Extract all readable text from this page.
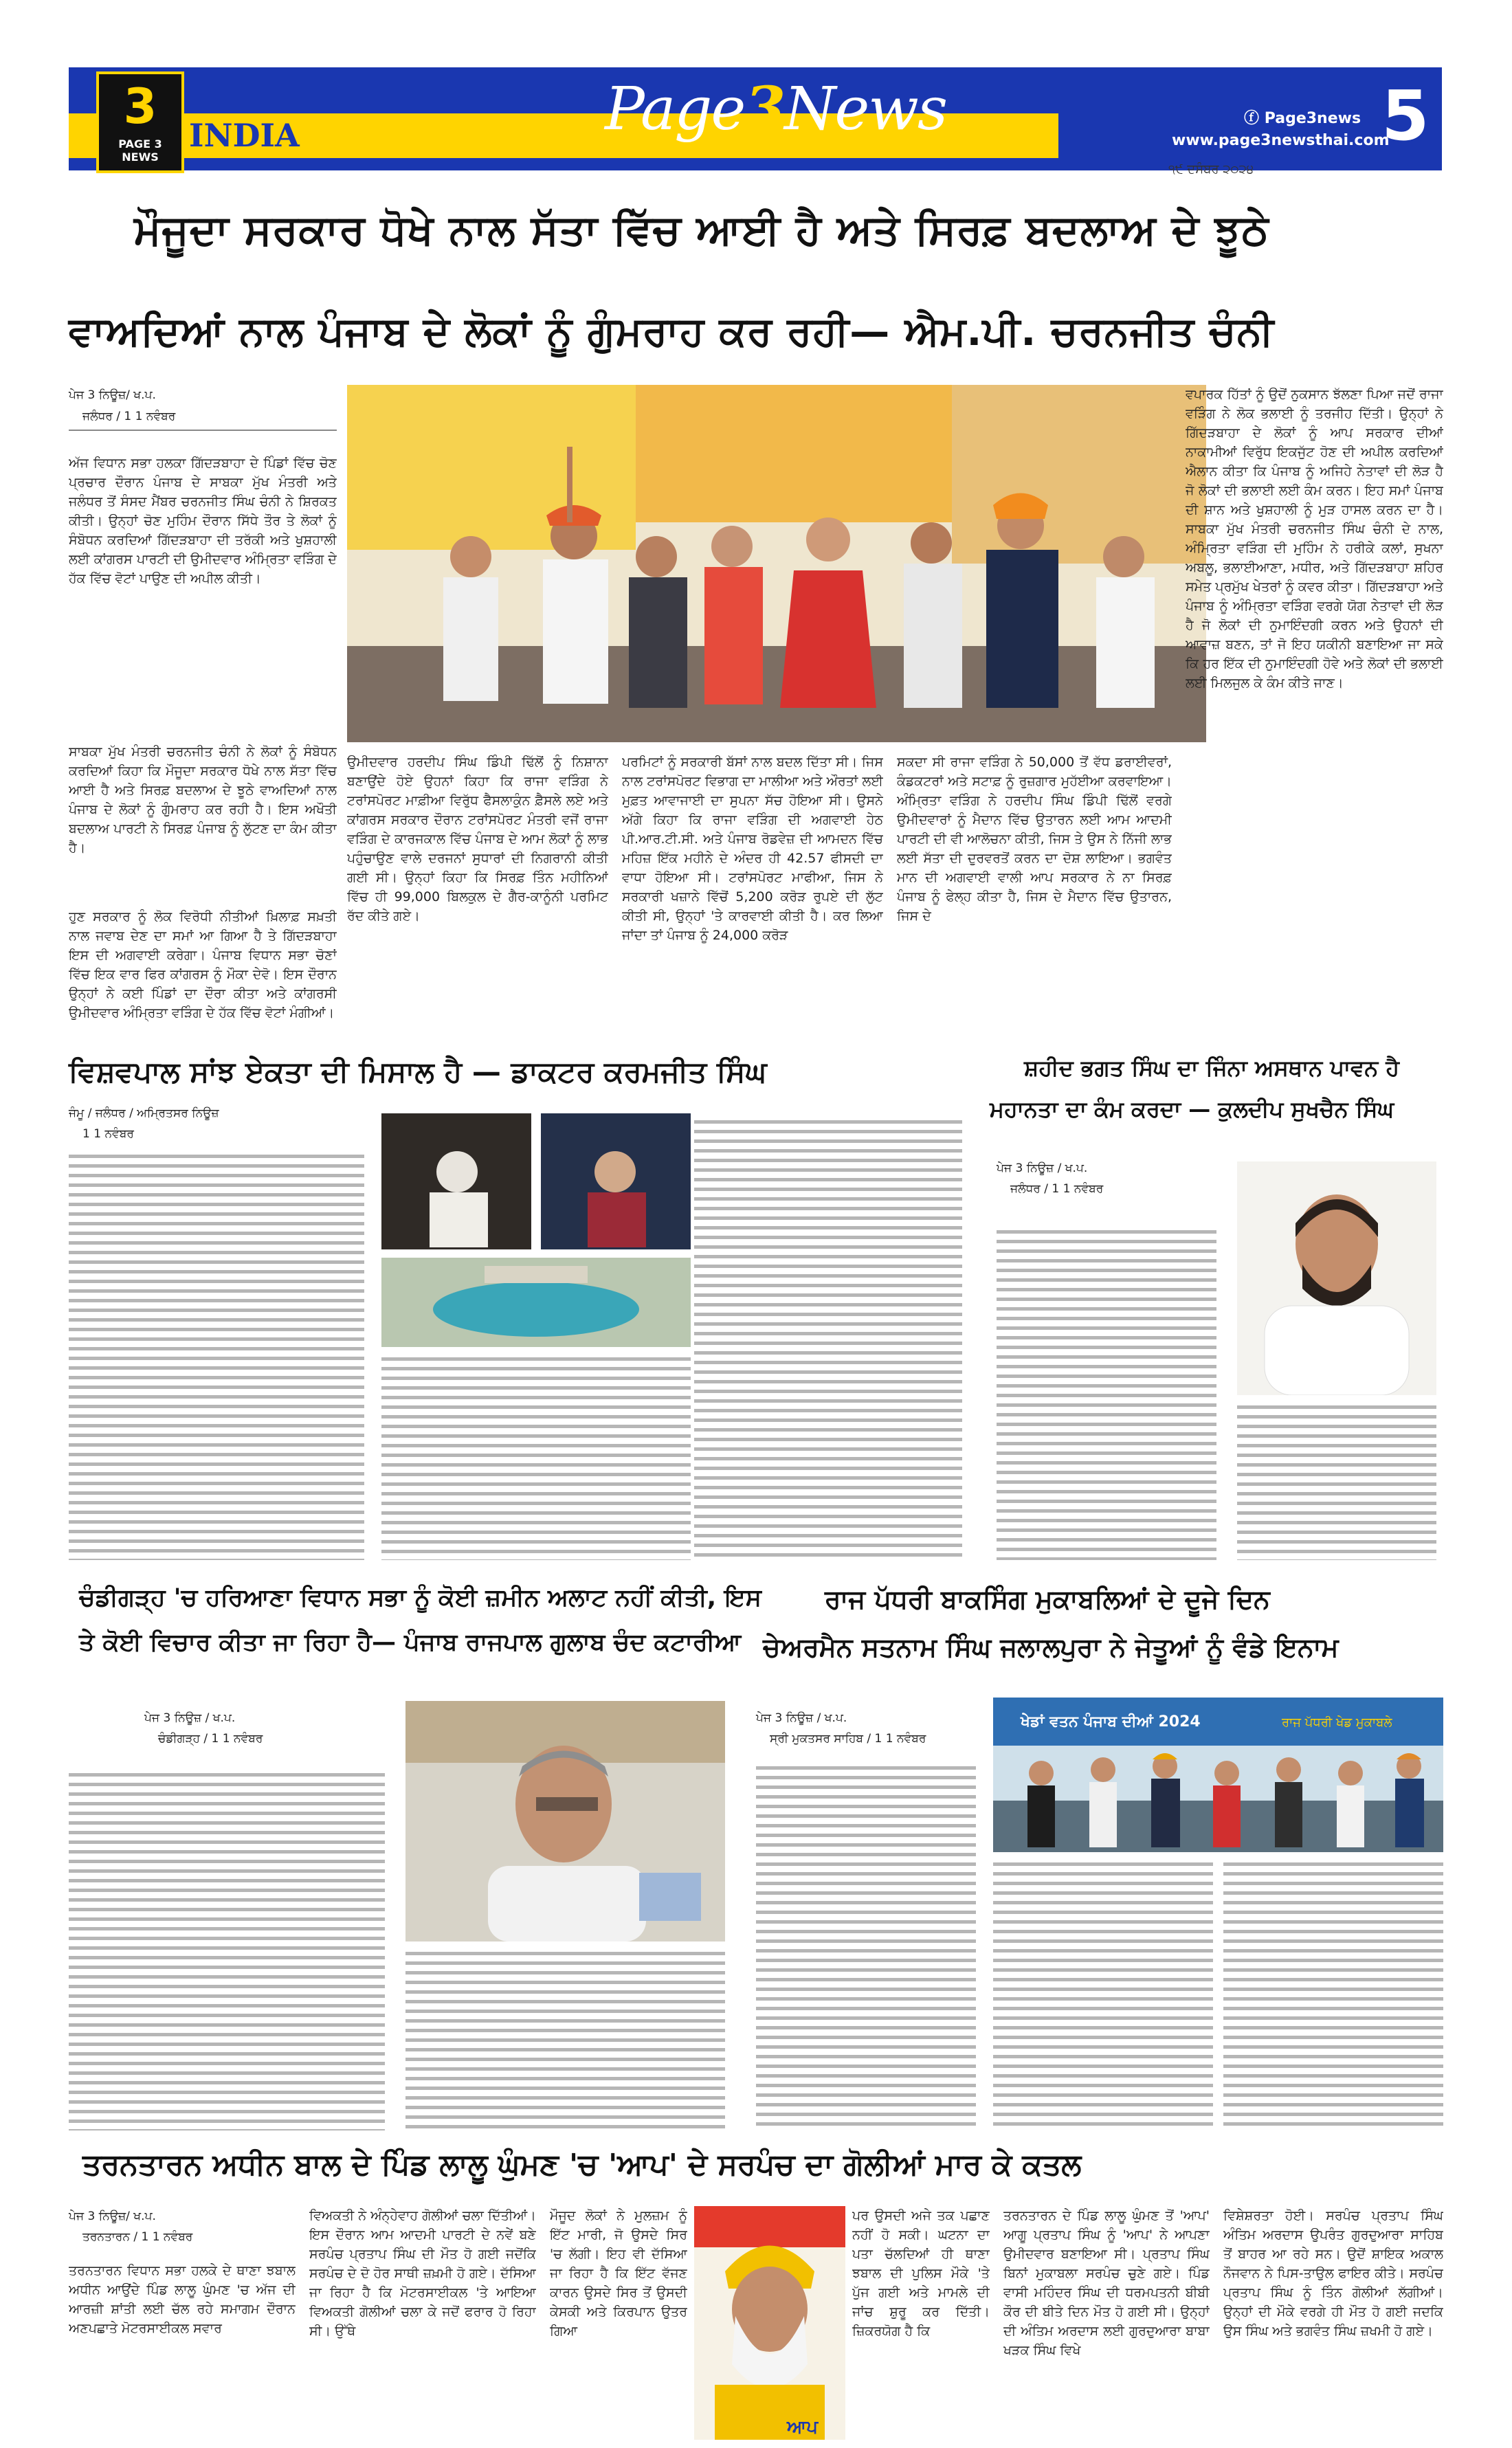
3
PAGE 3 NEWS
INDIA	Page3News	ⓕ Page3news
www.page3newsthai.com
5
੧੯ ਦਸੰਬਰ ੨੦੨੪
ਮੌਜੂਦਾ ਸਰਕਾਰ ਧੋਖੇ ਨਾਲ ਸੱਤਾ ਵਿੱਚ ਆਈ ਹੈ ਅਤੇ ਸਿਰਫ਼ ਬਦਲਾਅ ਦੇ ਝੂਠੇ
ਵਾਅਦਿਆਂ ਨਾਲ ਪੰਜਾਬ ਦੇ ਲੋਕਾਂ ਨੂੰ ਗੁੰਮਰਾਹ ਕਰ ਰਹੀ— ਐਮ.ਪੀ. ਚਰਨਜੀਤ ਚੰਨੀ
ਪੇਜ 3 ਨਿਊਜ਼/ ਖ.ਪ.
ਜਲੰਧਰ / 1 1 ਨਵੰਬਰ
ਅੱਜ ਵਿਧਾਨ ਸਭਾ ਹਲਕਾ ਗਿੱਦੜਬਾਹਾ ਦੇ ਪਿੰਡਾਂ ਵਿੱਚ ਚੋਣ ਪ੍ਰਚਾਰ ਦੌਰਾਨ ਪੰਜਾਬ ਦੇ ਸਾਬਕਾ ਮੁੱਖ ਮੰਤਰੀ ਅਤੇ ਜਲੰਧਰ ਤੋਂ ਸੰਸਦ ਮੈਂਬਰ ਚਰਨਜੀਤ ਸਿੰਘ ਚੰਨੀ ਨੇ ਸ਼ਿਰਕਤ ਕੀਤੀ। ਉਨ੍ਹਾਂ ਚੋਣ ਮੁਹਿੰਮ ਦੌਰਾਨ ਸਿੱਧੇ ਤੌਰ ਤੇ ਲੋਕਾਂ ਨੂੰ ਸੰਬੋਧਨ ਕਰਦਿਆਂ ਗਿੱਦੜਬਾਹਾ ਦੀ ਤਰੱਕੀ ਅਤੇ ਖੁਸ਼ਹਾਲੀ ਲਈ ਕਾਂਗਰਸ ਪਾਰਟੀ ਦੀ ਉਮੀਦਵਾਰ ਅੰਮ੍ਰਿਤਾ ਵੜਿੰਗ ਦੇ ਹੱਕ ਵਿੱਚ ਵੋਟਾਂ ਪਾਉਣ ਦੀ ਅਪੀਲ ਕੀਤੀ।
ਸਾਬਕਾ ਮੁੱਖ ਮੰਤਰੀ ਚਰਨਜੀਤ ਚੰਨੀ ਨੇ ਲੋਕਾਂ ਨੂੰ ਸੰਬੋਧਨ ਕਰਦਿਆਂ ਕਿਹਾ ਕਿ ਮੌਜੂਦਾ ਸਰਕਾਰ ਧੋਖੇ ਨਾਲ ਸੱਤਾ ਵਿੱਚ ਆਈ ਹੈ ਅਤੇ ਸਿਰਫ਼ ਬਦਲਾਅ ਦੇ ਝੂਠੇ ਵਾਅਦਿਆਂ ਨਾਲ ਪੰਜਾਬ ਦੇ ਲੋਕਾਂ ਨੂੰ ਗੁੰਮਰਾਹ ਕਰ ਰਹੀ ਹੈ। ਇਸ ਅਖੌਤੀ ਬਦਲਾਅ ਪਾਰਟੀ ਨੇ ਸਿਰਫ਼ ਪੰਜਾਬ ਨੂੰ ਲੁੱਟਣ ਦਾ ਕੰਮ ਕੀਤਾ ਹੈ।
ਹੁਣ ਸਰਕਾਰ ਨੂੰ ਲੋਕ ਵਿਰੋਧੀ ਨੀਤੀਆਂ ਖ਼ਿਲਾਫ਼ ਸਖ਼ਤੀ ਨਾਲ ਜਵਾਬ ਦੇਣ ਦਾ ਸਮਾਂ ਆ ਗਿਆ ਹੈ ਤੇ ਗਿੱਦੜਬਾਹਾ ਇਸ ਦੀ ਅਗਵਾਈ ਕਰੇਗਾ। ਪੰਜਾਬ ਵਿਧਾਨ ਸਭਾ ਚੋਣਾਂ ਵਿੱਚ ਇਕ ਵਾਰ ਫਿਰ ਕਾਂਗਰਸ ਨੂੰ ਮੌਕਾ ਦੇਵੋ। ਇਸ ਦੌਰਾਨ ਉਨ੍ਹਾਂ ਨੇ ਕਈ ਪਿੰਡਾਂ ਦਾ ਦੌਰਾ ਕੀਤਾ ਅਤੇ ਕਾਂਗਰਸੀ ਉਮੀਦਵਾਰ ਅੰਮ੍ਰਿਤਾ ਵੜਿੰਗ ਦੇ ਹੱਕ ਵਿੱਚ ਵੋਟਾਂ ਮੰਗੀਆਂ।
ਉਮੀਦਵਾਰ ਹਰਦੀਪ ਸਿੰਘ ਡਿੰਪੀ ਢਿੱਲੋਂ ਨੂੰ ਨਿਸ਼ਾਨਾ ਬਣਾਉਂਦੇ ਹੋਏ ਉਹਨਾਂ ਕਿਹਾ ਕਿ ਰਾਜਾ ਵੜਿੰਗ ਨੇ ਟਰਾਂਸਪੋਰਟ ਮਾਫ਼ੀਆ ਵਿਰੁੱਧ ਫੈਸਲਾਕੁੰਨ ਫ਼ੈਸਲੇ ਲਏ ਅਤੇ ਕਾਂਗਰਸ ਸਰਕਾਰ ਦੌਰਾਨ ਟਰਾਂਸਪੋਰਟ ਮੰਤਰੀ ਵਜੋਂ ਰਾਜਾ ਵੜਿੰਗ ਦੇ ਕਾਰਜਕਾਲ ਵਿੱਚ ਪੰਜਾਬ ਦੇ ਆਮ ਲੋਕਾਂ ਨੂੰ ਲਾਭ ਪਹੁੰਚਾਉਣ ਵਾਲੇ ਦਰਜਨਾਂ ਸੁਧਾਰਾਂ ਦੀ ਨਿਗਰਾਨੀ ਕੀਤੀ ਗਈ ਸੀ। ਉਨ੍ਹਾਂ ਕਿਹਾ ਕਿ ਸਿਰਫ਼ ਤਿੰਨ ਮਹੀਨਿਆਂ ਵਿੱਚ ਹੀ 99,000 ਬਿਲਕੁਲ ਦੇ ਗੈਰ-ਕਾਨੂੰਨੀ ਪਰਮਿਟ ਰੱਦ ਕੀਤੇ ਗਏ।
ਪਰਮਿਟਾਂ ਨੂੰ ਸਰਕਾਰੀ ਬੱਸਾਂ ਨਾਲ ਬਦਲ ਦਿੱਤਾ ਸੀ। ਜਿਸ ਨਾਲ ਟਰਾਂਸਪੋਰਟ ਵਿਭਾਗ ਦਾ ਮਾਲੀਆ ਅਤੇ ਔਰਤਾਂ ਲਈ ਮੁਫ਼ਤ ਆਵਾਜਾਈ ਦਾ ਸੁਪਨਾ ਸੱਚ ਹੋਇਆ ਸੀ। ਉਸਨੇ ਅੱਗੇ ਕਿਹਾ ਕਿ ਰਾਜਾ ਵੜਿੰਗ ਦੀ ਅਗਵਾਈ ਹੇਠ ਪੀ.ਆਰ.ਟੀ.ਸੀ. ਅਤੇ ਪੰਜਾਬ ਰੋਡਵੇਜ਼ ਦੀ ਆਮਦਨ ਵਿੱਚ ਮਹਿਜ਼ ਇੱਕ ਮਹੀਨੇ ਦੇ ਅੰਦਰ ਹੀ 42.57 ਫੀਸਦੀ ਦਾ ਵਾਧਾ ਹੋਇਆ ਸੀ। ਟਰਾਂਸਪੋਰਟ ਮਾਫੀਆ, ਜਿਸ ਨੇ ਸਰਕਾਰੀ ਖਜ਼ਾਨੇ ਵਿੱਚੋਂ 5,200 ਕਰੋੜ ਰੁਪਏ ਦੀ ਲੁੱਟ ਕੀਤੀ ਸੀ, ਉਨ੍ਹਾਂ 'ਤੇ ਕਾਰਵਾਈ ਕੀਤੀ ਹੈ। ਕਰ ਲਿਆ ਜਾਂਦਾ ਤਾਂ ਪੰਜਾਬ ਨੂੰ 24,000 ਕਰੋੜ
ਸਕਦਾ ਸੀ ਰਾਜਾ ਵੜਿੰਗ ਨੇ 50,000 ਤੋਂ ਵੱਧ ਡਰਾਈਵਰਾਂ, ਕੰਡਕਟਰਾਂ ਅਤੇ ਸਟਾਫ਼ ਨੂੰ ਰੁਜ਼ਗਾਰ ਮੁਹੱਈਆ ਕਰਵਾਇਆ। ਅੰਮ੍ਰਿਤਾ ਵੜਿੰਗ ਨੇ ਹਰਦੀਪ ਸਿੰਘ ਡਿੰਪੀ ਢਿੱਲੋਂ ਵਰਗੇ ਉਮੀਦਵਾਰਾਂ ਨੂੰ ਮੈਦਾਨ ਵਿੱਚ ਉਤਾਰਨ ਲਈ ਆਮ ਆਦਮੀ ਪਾਰਟੀ ਦੀ ਵੀ ਆਲੋਚਨਾ ਕੀਤੀ, ਜਿਸ ਤੇ ਉਸ ਨੇ ਨਿੱਜੀ ਲਾਭ ਲਈ ਸੱਤਾ ਦੀ ਦੁਰਵਰਤੋਂ ਕਰਨ ਦਾ ਦੋਸ਼ ਲਾਇਆ। ਭਗਵੰਤ ਮਾਨ ਦੀ ਅਗਵਾਈ ਵਾਲੀ ਆਪ ਸਰਕਾਰ ਨੇ ਨਾ ਸਿਰਫ਼ ਪੰਜਾਬ ਨੂੰ ਫੇਲ੍ਹ ਕੀਤਾ ਹੈ, ਜਿਸ ਦੇ ਮੈਦਾਨ ਵਿੱਚ ਉਤਾਰਨ, ਜਿਸ ਦੇ
ਵਪਾਰਕ ਹਿੱਤਾਂ ਨੂੰ ਉਦੋਂ ਨੁਕਸਾਨ ਝੱਲਣਾ ਪਿਆ ਜਦੋਂ ਰਾਜਾ ਵੜਿੰਗ ਨੇ ਲੋਕ ਭਲਾਈ ਨੂੰ ਤਰਜੀਹ ਦਿੱਤੀ। ਉਨ੍ਹਾਂ ਨੇ ਗਿੱਦੜਬਾਹਾ ਦੇ ਲੋਕਾਂ ਨੂੰ ਆਪ ਸਰਕਾਰ ਦੀਆਂ ਨਾਕਾਮੀਆਂ ਵਿਰੁੱਧ ਇਕਜੁੱਟ ਹੋਣ ਦੀ ਅਪੀਲ ਕਰਦਿਆਂ ਐਲਾਨ ਕੀਤਾ ਕਿ ਪੰਜਾਬ ਨੂੰ ਅਜਿਹੇ ਨੇਤਾਵਾਂ ਦੀ ਲੋੜ ਹੈ ਜੋ ਲੋਕਾਂ ਦੀ ਭਲਾਈ ਲਈ ਕੰਮ ਕਰਨ। ਇਹ ਸਮਾਂ ਪੰਜਾਬ ਦੀ ਸ਼ਾਨ ਅਤੇ ਖੁਸ਼ਹਾਲੀ ਨੂੰ ਮੁੜ ਹਾਸਲ ਕਰਨ ਦਾ ਹੈ। ਸਾਬਕਾ ਮੁੱਖ ਮੰਤਰੀ ਚਰਨਜੀਤ ਸਿੰਘ ਚੰਨੀ ਦੇ ਨਾਲ, ਅੰਮ੍ਰਿਤਾ ਵੜਿੰਗ ਦੀ ਮੁਹਿੰਮ ਨੇ ਹਰੀਕੇ ਕਲਾਂ, ਸੁਖਨਾ ਅਬਲੂ, ਭਲਾਈਆਣਾ, ਮਧੀਰ, ਅਤੇ ਗਿੱਦੜਬਾਹਾ ਸ਼ਹਿਰ ਸਮੇਤ ਪ੍ਰਮੁੱਖ ਖੇਤਰਾਂ ਨੂੰ ਕਵਰ ਕੀਤਾ। ਗਿੱਦੜਬਾਹਾ ਅਤੇ ਪੰਜਾਬ ਨੂੰ ਅੰਮ੍ਰਿਤਾ ਵੜਿੰਗ ਵਰਗੇ ਯੋਗ ਨੇਤਾਵਾਂ ਦੀ ਲੋੜ ਹੈ ਜੋ ਲੋਕਾਂ ਦੀ ਨੁਮਾਇੰਦਗੀ ਕਰਨ ਅਤੇ ਉਹਨਾਂ ਦੀ ਆਵਾਜ਼ ਬਣਨ, ਤਾਂ ਜੋ ਇਹ ਯਕੀਨੀ ਬਣਾਇਆ ਜਾ ਸਕੇ ਕਿ ਹਰ ਇੱਕ ਦੀ ਨੁਮਾਇੰਦਗੀ ਹੋਵੇ ਅਤੇ ਲੋਕਾਂ ਦੀ ਭਲਾਈ ਲਈ ਮਿਲਜੁਲ ਕੇ ਕੰਮ ਕੀਤੇ ਜਾਣ।
ਵਿਸ਼ਵਪਾਲ ਸਾਂਝ ਏਕਤਾ ਦੀ ਮਿਸਾਲ ਹੈ — ਡਾਕਟਰ ਕਰਮਜੀਤ ਸਿੰਘ
ਜੰਮੂ / ਜਲੰਧਰ / ਅਮ੍ਰਿਤਸਰ ਨਿਊਜ਼
1 1 ਨਵੰਬਰ
ਸ਼ਹੀਦ ਭਗਤ ਸਿੰਘ ਦਾ ਜਿੰਨਾ ਅਸਥਾਨ ਪਾਵਨ ਹੈ
ਮਹਾਨਤਾ ਦਾ ਕੰਮ ਕਰਦਾ — ਕੁਲਦੀਪ ਸੁਖਚੈਨ ਸਿੰਘ
ਪੇਜ 3 ਨਿਊਜ਼ / ਖ.ਪ.
ਜਲੰਧਰ / 1 1 ਨਵੰਬਰ
ਚੰਡੀਗੜ੍ਹ 'ਚ ਹਰਿਆਣਾ ਵਿਧਾਨ ਸਭਾ ਨੂੰ ਕੋਈ ਜ਼ਮੀਨ ਅਲਾਟ ਨਹੀਂ ਕੀਤੀ, ਇਸ
ਤੇ ਕੋਈ ਵਿਚਾਰ ਕੀਤਾ ਜਾ ਰਿਹਾ ਹੈ— ਪੰਜਾਬ ਰਾਜਪਾਲ ਗੁਲਾਬ ਚੰਦ ਕਟਾਰੀਆ
ਪੇਜ 3 ਨਿਊਜ਼ / ਖ.ਪ.
ਚੰਡੀਗੜ੍ਹ / 1 1 ਨਵੰਬਰ
ਰਾਜ ਪੱਧਰੀ ਬਾਕਸਿੰਗ ਮੁਕਾਬਲਿਆਂ ਦੇ ਦੂਜੇ ਦਿਨ
ਚੇਅਰਮੈਨ ਸਤਨਾਮ ਸਿੰਘ ਜਲਾਲਪੁਰਾ ਨੇ ਜੇਤੂਆਂ ਨੂੰ ਵੰਡੇ ਇਨਾਮ
ਪੇਜ 3 ਨਿਊਜ਼ / ਖ.ਪ.
ਸ੍ਰੀ ਮੁਕਤਸਰ ਸਾਹਿਬ / 1 1 ਨਵੰਬਰ
ਖੇਡਾਂ ਵਤਨ ਪੰਜਾਬ ਦੀਆਂ 2024	ਰਾਜ ਪੱਧਰੀ ਖੇਡ ਮੁਕਾਬਲੇ
ਤਰਨਤਾਰਨ ਅਧੀਨ ਬਾਲ ਦੇ ਪਿੰਡ ਲਾਲੂ ਘੁੰਮਣ 'ਚ 'ਆਪ' ਦੇ ਸਰਪੰਚ ਦਾ ਗੋਲੀਆਂ ਮਾਰ ਕੇ ਕਤਲ
ਪੇਜ 3 ਨਿਊਜ਼/ ਖ.ਪ.
ਤਰਨਤਾਰਨ / 1 1 ਨਵੰਬਰ
ਤਰਨਤਾਰਨ ਵਿਧਾਨ ਸਭਾ ਹਲਕੇ ਦੇ ਥਾਣਾ ਝਬਾਲ ਅਧੀਨ ਆਉਂਦੇ ਪਿੰਡ ਲਾਲੂ ਘੁੰਮਣ 'ਚ ਅੱਜ ਦੀ ਆਰਜ਼ੀ ਸ਼ਾਂਤੀ ਲਈ ਚੱਲ ਰਹੇ ਸਮਾਗਮ ਦੌਰਾਨ ਅਣਪਛਾਤੇ ਮੋਟਰਸਾਈਕਲ ਸਵਾਰ
ਵਿਅਕਤੀ ਨੇ ਅੰਨ੍ਹੇਵਾਹ ਗੋਲੀਆਂ ਚਲਾ ਦਿੱਤੀਆਂ। ਇਸ ਦੌਰਾਨ ਆਮ ਆਦਮੀ ਪਾਰਟੀ ਦੇ ਨਵੇਂ ਬਣੇ ਸਰਪੰਚ ਪ੍ਰਤਾਪ ਸਿੰਘ ਦੀ ਮੌਤ ਹੋ ਗਈ ਜਦੋਂਕਿ ਸਰਪੰਚ ਦੇ ਦੋ ਹੋਰ ਸਾਥੀ ਜ਼ਖ਼ਮੀ ਹੋ ਗਏ। ਦੱਸਿਆ ਜਾ ਰਿਹਾ ਹੈ ਕਿ ਮੋਟਰਸਾਈਕਲ 'ਤੇ ਆਇਆ ਵਿਅਕਤੀ ਗੋਲੀਆਂ ਚਲਾ ਕੇ ਜਦੋਂ ਫਰਾਰ ਹੋ ਰਿਹਾ ਸੀ। ਉੱਥੇ
ਮੌਜੂਦ ਲੋਕਾਂ ਨੇ ਮੁਲਜ਼ਮ ਨੂੰ ਇੱਟ ਮਾਰੀ, ਜੋ ਉਸਦੇ ਸਿਰ 'ਚ ਲੱਗੀ। ਇਹ ਵੀ ਦੱਸਿਆ ਜਾ ਰਿਹਾ ਹੈ ਕਿ ਇੱਟ ਵੱਜਣ ਕਾਰਨ ਉਸਦੇ ਸਿਰ ਤੋਂ ਉਸਦੀ ਕੇਸਕੀ ਅਤੇ ਕਿਰਪਾਨ ਉਤਰ ਗਿਆ
ਆਪ
ਪਰ ਉਸਦੀ ਅਜੇ ਤਕ ਪਛਾਣ ਨਹੀਂ ਹੋ ਸਕੀ। ਘਟਨਾ ਦਾ ਪਤਾ ਚੱਲਦਿਆਂ ਹੀ ਥਾਣਾ ਝਬਾਲ ਦੀ ਪੁਲਿਸ ਮੌਕੇ 'ਤੇ ਪੁੱਜ ਗਈ ਅਤੇ ਮਾਮਲੇ ਦੀ ਜਾਂਚ ਸ਼ੁਰੂ ਕਰ ਦਿੱਤੀ। ਜ਼ਿਕਰਯੋਗ ਹੈ ਕਿ
ਤਰਨਤਾਰਨ ਦੇ ਪਿੰਡ ਲਾਲੂ ਘੁੰਮਣ ਤੋਂ 'ਆਪ' ਆਗੂ ਪ੍ਰਤਾਪ ਸਿੰਘ ਨੂੰ 'ਆਪ' ਨੇ ਆਪਣਾ ਉਮੀਦਵਾਰ ਬਣਾਇਆ ਸੀ। ਪ੍ਰਤਾਪ ਸਿੰਘ ਬਿਨਾਂ ਮੁਕਾਬਲਾ ਸਰਪੰਚ ਚੁਣੇ ਗਏ। ਪਿੰਡ ਵਾਸੀ ਮਹਿੰਦਰ ਸਿੰਘ ਦੀ ਧਰਮਪਤਨੀ ਬੀਬੀ ਕੌਰ ਦੀ ਬੀਤੇ ਦਿਨ ਮੌਤ ਹੋ ਗਈ ਸੀ। ਉਨ੍ਹਾਂ ਦੀ ਅੰਤਿਮ ਅਰਦਾਸ ਲਈ ਗੁਰਦੁਆਰਾ ਬਾਬਾ ਖੜਕ ਸਿੰਘ ਵਿਖੇ
ਵਿਸ਼ੇਸ਼ਰਤਾ ਹੋਈ। ਸਰਪੰਚ ਪ੍ਰਤਾਪ ਸਿੰਘ ਅੰਤਿਮ ਅਰਦਾਸ ਉਪਰੰਤ ਗੁਰਦੁਆਰਾ ਸਾਹਿਬ ਤੋਂ ਬਾਹਰ ਆ ਰਹੇ ਸਨ। ਉਦੋਂ ਸ਼ਾਇਕ ਅਕਾਲ ਨੌਜਵਾਨ ਨੇ ਪਿਸ-ਤਾਉਲ ਫਾਇਰ ਕੀਤੇ। ਸਰਪੰਚ ਪ੍ਰਤਾਪ ਸਿੰਘ ਨੂੰ ਤਿੰਨ ਗੋਲੀਆਂ ਲੱਗੀਆਂ। ਉਨ੍ਹਾਂ ਦੀ ਮੌਕੇ ਵਰਗੇ ਹੀ ਮੌਤ ਹੋ ਗਈ ਜਦਕਿ ਉਸ ਸਿੰਘ ਅਤੇ ਭਗਵੰਤ ਸਿੰਘ ਜ਼ਖਮੀ ਹੋ ਗਏ।
